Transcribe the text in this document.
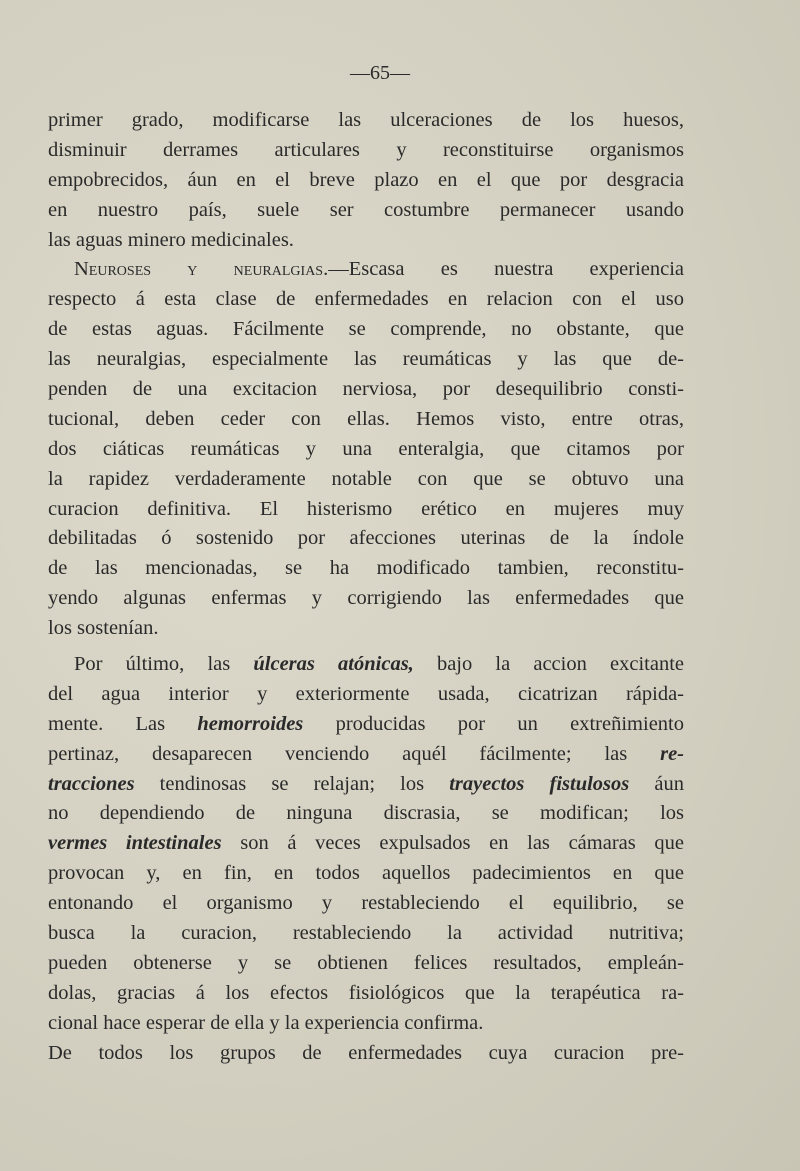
—65—
primer grado, modificarse las ulceraciones de los huesos,
disminuir derrames articulares y reconstituirse organismos
empobrecidos, áun en el breve plazo en el que por desgracia
en nuestro país, suele ser costumbre permanecer usando
las aguas minero medicinales.
Neuroses y neuralgias.—Escasa es nuestra experiencia
respecto á esta clase de enfermedades en relacion con el uso
de estas aguas. Fácilmente se comprende, no obstante, que
las neuralgias, especialmente las reumáticas y las que de-
penden de una excitacion nerviosa, por desequilibrio consti-
tucional, deben ceder con ellas. Hemos visto, entre otras,
dos ciáticas reumáticas y una enteralgia, que citamos por
la rapidez verdaderamente notable con que se obtuvo una
curacion definitiva. El histerismo erético en mujeres muy
debilitadas ó sostenido por afecciones uterinas de la índole
de las mencionadas, se ha modificado tambien, reconstitu-
yendo algunas enfermas y corrigiendo las enfermedades que
los sostenían.
Por último, las úlceras atónicas, bajo la accion excitante
del agua interior y exteriormente usada, cicatrizan rápida-
mente. Las hemorroides producidas por un extreñimiento
pertinaz, desaparecen venciendo aquél fácilmente; las re-
tracciones tendinosas se relajan; los trayectos fistulosos áun
no dependiendo de ninguna discrasia, se modifican; los
vermes intestinales son á veces expulsados en las cámaras que
provocan y, en fin, en todos aquellos padecimientos en que
entonando el organismo y restableciendo el equilibrio, se
busca la curacion, restableciendo la actividad nutritiva;
pueden obtenerse y se obtienen felices resultados, empleán-
dolas, gracias á los efectos fisiológicos que la terapéutica ra-
cional hace esperar de ella y la experiencia confirma.
De todos los grupos de enfermedades cuya curacion pre-
